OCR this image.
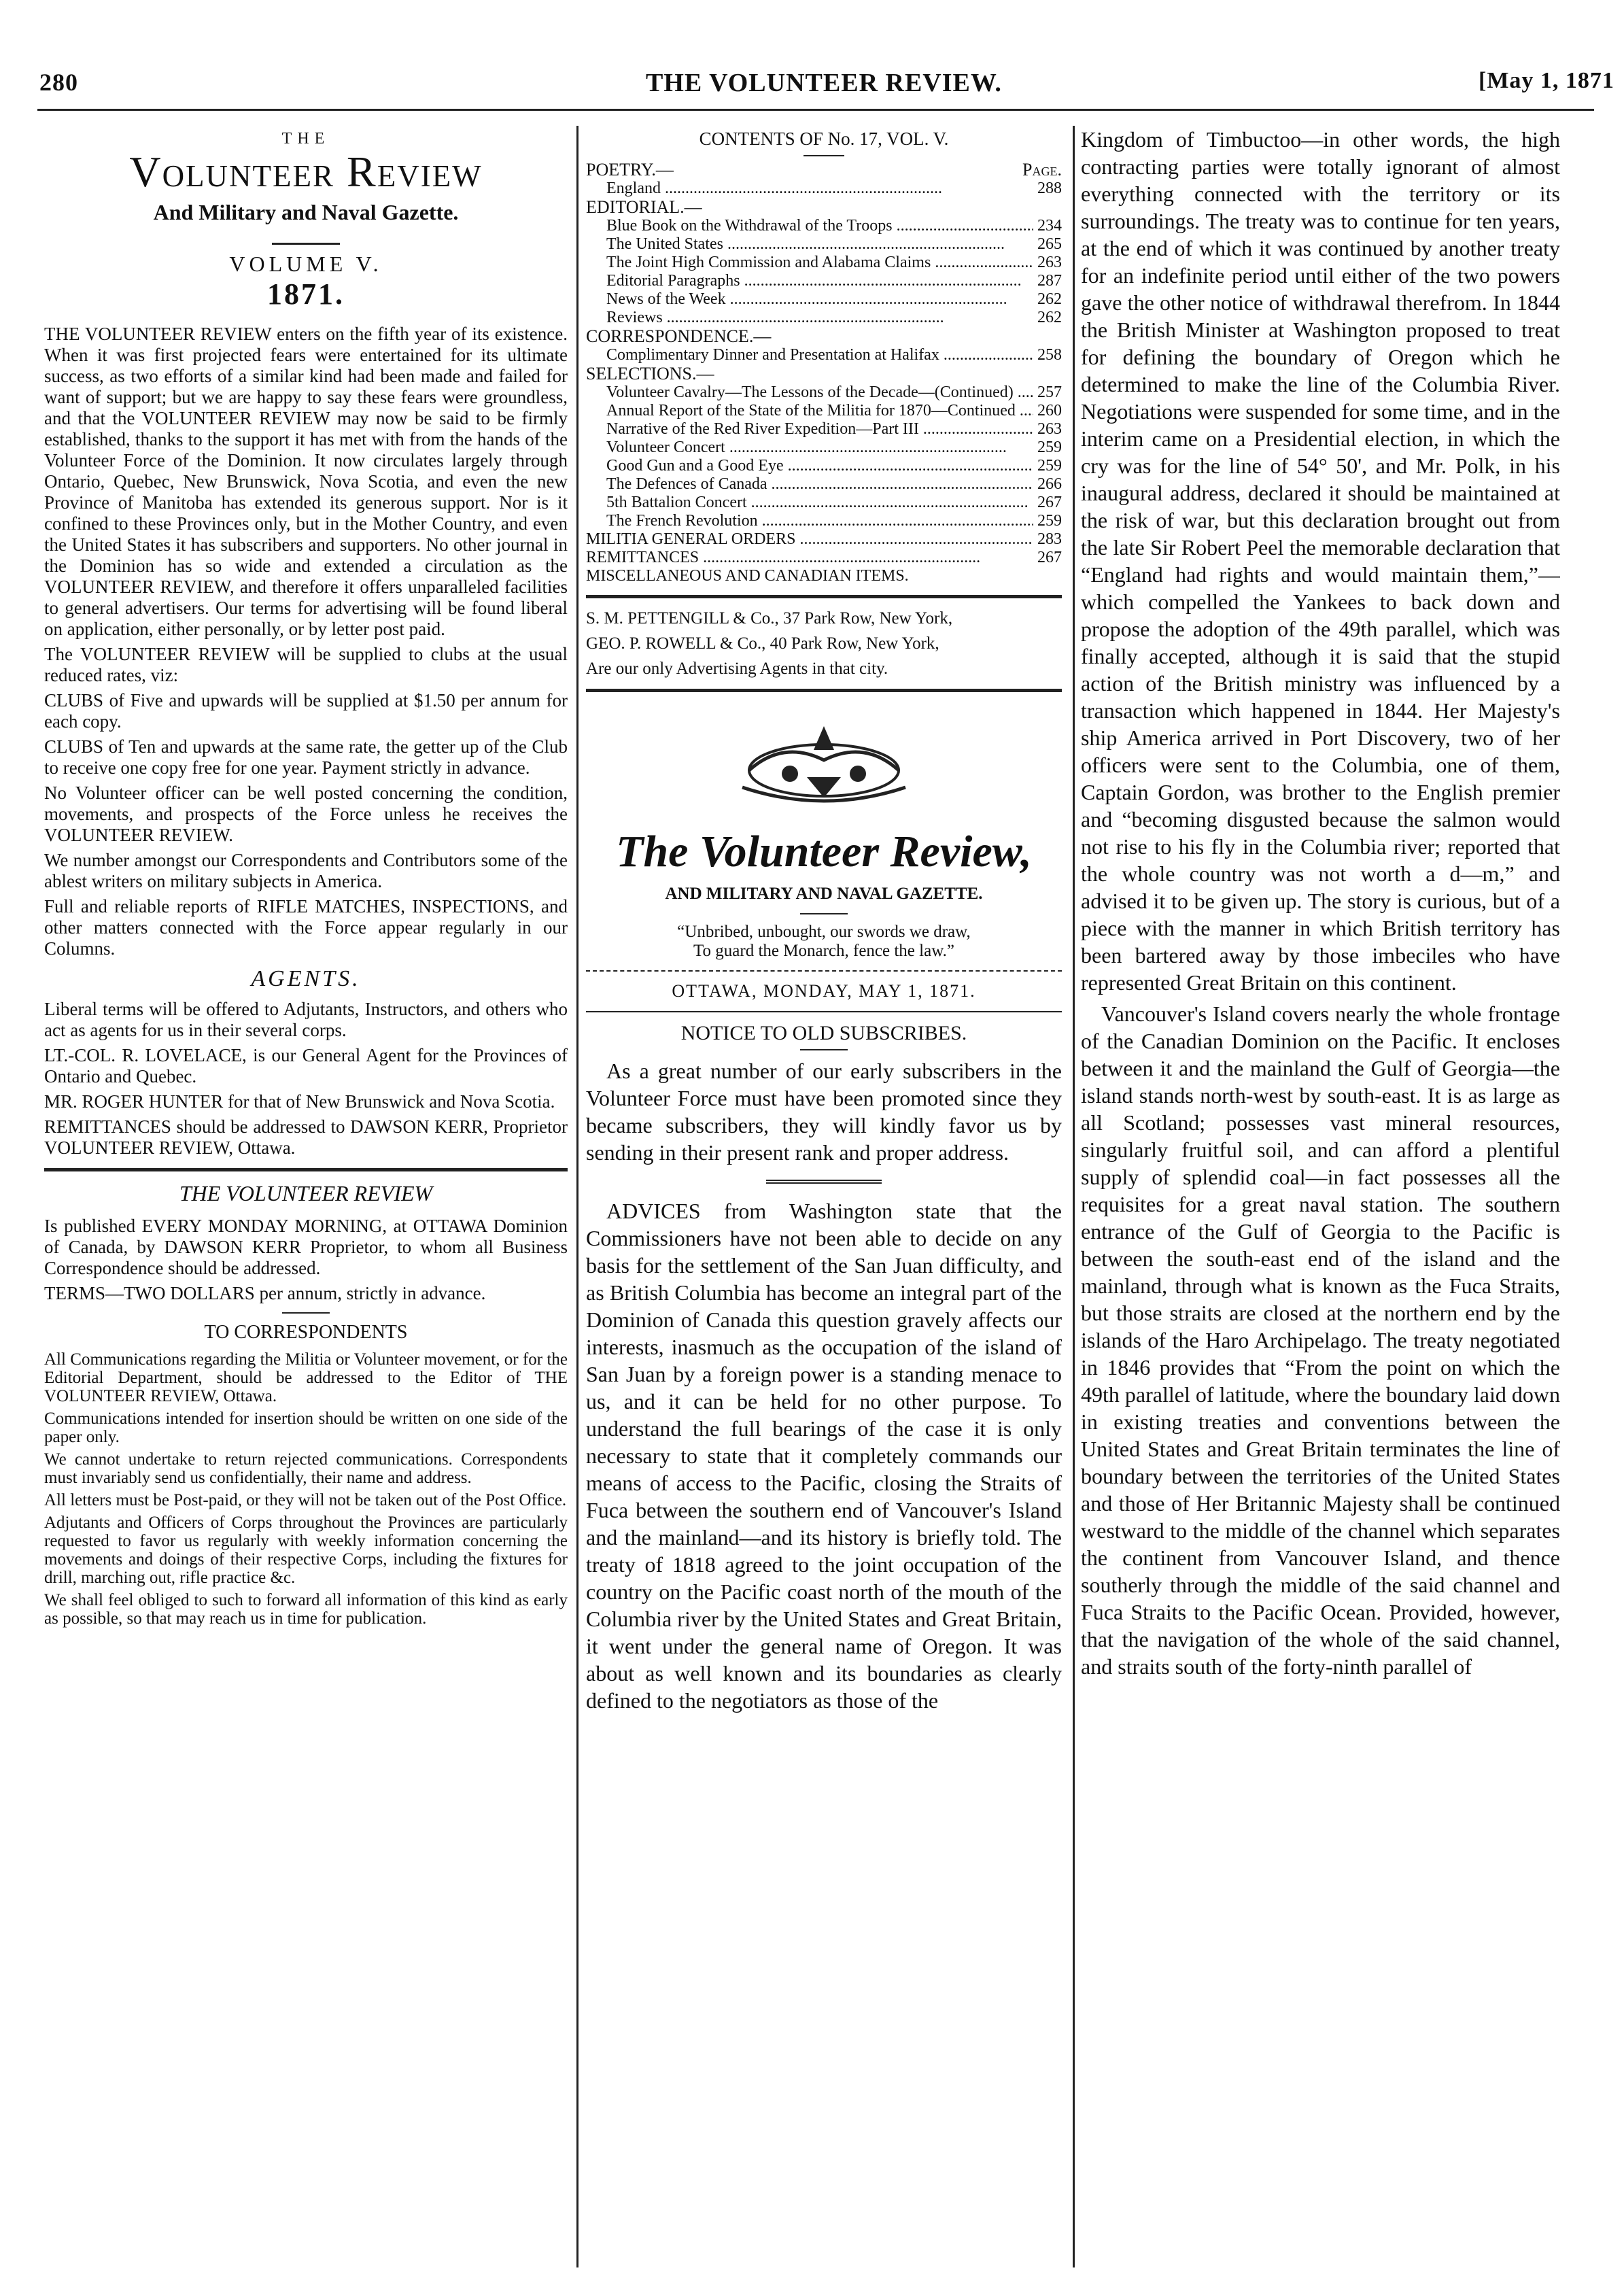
280	THE VOLUNTEER REVIEW.	[May 1, 1871
THE
Volunteer Review
And Military and Naval Gazette.
VOLUME V.
1871.

THE VOLUNTEER REVIEW enters on the fifth year of its existence. When it was first projected fears were entertained for its ultimate success, as two efforts of a similar kind had been made and failed for want of support; but we are happy to say these fears were groundless, and that the VOLUNTEER REVIEW may now be said to be firmly established, thanks to the support it has met with from the hands of the Volunteer Force of the Dominion. It now circulates largely through Ontario, Quebec, New Brunswick, Nova Scotia, and even the new Province of Manitoba has extended its generous support. Nor is it confined to these Provinces only, but in the Mother Country, and even the United States it has subscribers and supporters. No other journal in the Dominion has so wide and extended a circulation as the VOLUNTEER REVIEW, and therefore it offers unparalleled facilities to general advertisers. Our terms for advertising will be found liberal on application, either personally, or by letter post paid.

The VOLUNTEER REVIEW will be supplied to clubs at the usual reduced rates, viz:

CLUBS of Five and upwards will be supplied at $1.50 per annum for each copy.

CLUBS of Ten and upwards at the same rate, the getter up of the Club to receive one copy free for one year. Payment strictly in advance.

No Volunteer officer can be well posted concerning the condition, movements, and prospects of the Force unless he receives the VOLUNTEER REVIEW.

We number amongst our Correspondents and Contributors some of the ablest writers on military subjects in America.

Full and reliable reports of RIFLE MATCHES, INSPECTIONS, and other matters connected with the Force appear regularly in our Columns.

AGENTS.

Liberal terms will be offered to Adjutants, Instructors, and others who act as agents for us in their several corps.

LT.-COL. R. LOVELACE, is our General Agent for the Provinces of Ontario and Quebec.

MR. ROGER HUNTER for that of New Brunswick and Nova Scotia.

REMITTANCES should be addressed to DAWSON KERR, Proprietor VOLUNTEER REVIEW, Ottawa.

THE VOLUNTEER REVIEW

Is published EVERY MONDAY MORNING, at OTTAWA Dominion of Canada, by DAWSON KERR Proprietor, to whom all Business Correspondence should be addressed.

TERMS—TWO DOLLARS per annum, strictly in advance.

TO CORRESPONDENTS

All Communications regarding the Militia or Volunteer movement, or for the Editorial Department, should be addressed to the Editor of THE VOLUNTEER REVIEW, Ottawa.

Communications intended for insertion should be written on one side of the paper only.

We cannot undertake to return rejected communications. Correspondents must invariably send us confidentially, their name and address.

All letters must be Post-paid, or they will not be taken out of the Post Office.

Adjutants and Officers of Corps throughout the Provinces are particularly requested to favor us regularly with weekly information concerning the movements and doings of their respective Corps, including the fixtures for drill, marching out, rifle practice &c.

We shall feel obliged to such to forward all information of this kind as early as possible, so that may reach us in time for publication.

CONTENTS OF No. 17, VOL. V.
POETRY.—	Page.
England .....	288
EDITORIAL.—
Blue Book on the Withdrawal of the Troops .....	234
The United States .....	265
The Joint High Commission and Alabama Claims .....	263
Editorial Paragraphs .....	287
News of the Week .....	262
Reviews .....	262
CORRESPONDENCE.—
Complimentary Dinner and Presentation at Halifax .....	258
SELECTIONS.—
Volunteer Cavalry—The Lessons of the Decade—(Continued) .....	257
Annual Report of the State of the Militia for 1870—Continued .....	260
Narrative of the Red River Expedition—Part III .....	263
Volunteer Concert .....	259
Good Gun and a Good Eye .....	259
The Defences of Canada .....	266
5th Battalion Concert .....	267
The French Revolution .....	259
MILITIA GENERAL ORDERS .....	283
REMITTANCES .....	267
MISCELLANEOUS AND CANADIAN ITEMS.

S. M. PETTENGILL & Co., 37 Park Row, New York,

GEO. P. ROWELL & Co., 40 Park Row, New York,

Are our only Advertising Agents in that city.

The Volunteer Review,
AND MILITARY AND NAVAL GAZETTE.
“Unbribed, unbought, our swords we draw,
To guard the Monarch, fence the law.”
OTTAWA, MONDAY, MAY 1, 1871.
NOTICE TO OLD SUBSCRIBES.

As a great number of our early subscribers in the Volunteer Force must have been promoted since they became subscribers, they will kindly favor us by sending in their present rank and proper address.

ADVICES from Washington state that the Commissioners have not been able to decide on any basis for the settlement of the San Juan difficulty, and as British Columbia has become an integral part of the Dominion of Canada this question gravely affects our interests, inasmuch as the occupation of the island of San Juan by a foreign power is a standing menace to us, and it can be held for no other purpose. To understand the full bearings of the case it is only necessary to state that it completely commands our means of access to the Pacific, closing the Straits of Fuca between the southern end of Vancouver's Island and the mainland—and its history is briefly told. The treaty of 1818 agreed to the joint occupation of the country on the Pacific coast north of the mouth of the Columbia river by the United States and Great Britain, it went under the general name of Oregon. It was about as well known and its boundaries as clearly defined to the negotiators as those of the

Kingdom of Timbuctoo—in other words, the high contracting parties were totally ignorant of almost everything connected with the territory or its surroundings. The treaty was to continue for ten years, at the end of which it was continued by another treaty for an indefinite period until either of the two powers gave the other notice of withdrawal therefrom. In 1844 the British Minister at Washington proposed to treat for defining the boundary of Oregon which he determined to make the line of the Columbia River. Negotiations were suspended for some time, and in the interim came on a Presidential election, in which the cry was for the line of 54° 50', and Mr. Polk, in his inaugural address, declared it should be maintained at the risk of war, but this declaration brought out from the late Sir Robert Peel the memorable declaration that “England had rights and would maintain them,”—which compelled the Yankees to back down and propose the adoption of the 49th parallel, which was finally accepted, although it is said that the stupid action of the British ministry was influenced by a transaction which happened in 1844. Her Majesty's ship America arrived in Port Discovery, two of her officers were sent to the Columbia, one of them, Captain Gordon, was brother to the English premier and “becoming disgusted because the salmon would not rise to his fly in the Columbia river; reported that the whole country was not worth a d—m,” and advised it to be given up. The story is curious, but of a piece with the manner in which British territory has been bartered away by those imbeciles who have represented Great Britain on this continent.

Vancouver's Island covers nearly the whole frontage of the Canadian Dominion on the Pacific. It encloses between it and the mainland the Gulf of Georgia—the island stands north-west by south-east. It is as large as all Scotland; possesses vast mineral resources, singularly fruitful soil, and can afford a plentiful supply of splendid coal—in fact possesses all the requisites for a great naval station. The southern entrance of the Gulf of Georgia to the Pacific is between the south-east end of the island and the mainland, through what is known as the Fuca Straits, but those straits are closed at the northern end by the islands of the Haro Archipelago. The treaty negotiated in 1846 provides that “From the point on which the 49th parallel of latitude, where the boundary laid down in existing treaties and conventions between the United States and Great Britain terminates the line of boundary between the territories of the United States and those of Her Britannic Majesty shall be continued westward to the middle of the channel which separates the continent from Vancouver Island, and thence southerly through the middle of the said channel and Fuca Straits to the Pacific Ocean. Provided, however, that the navigation of the whole of the said channel, and straits south of the forty-ninth parallel of
